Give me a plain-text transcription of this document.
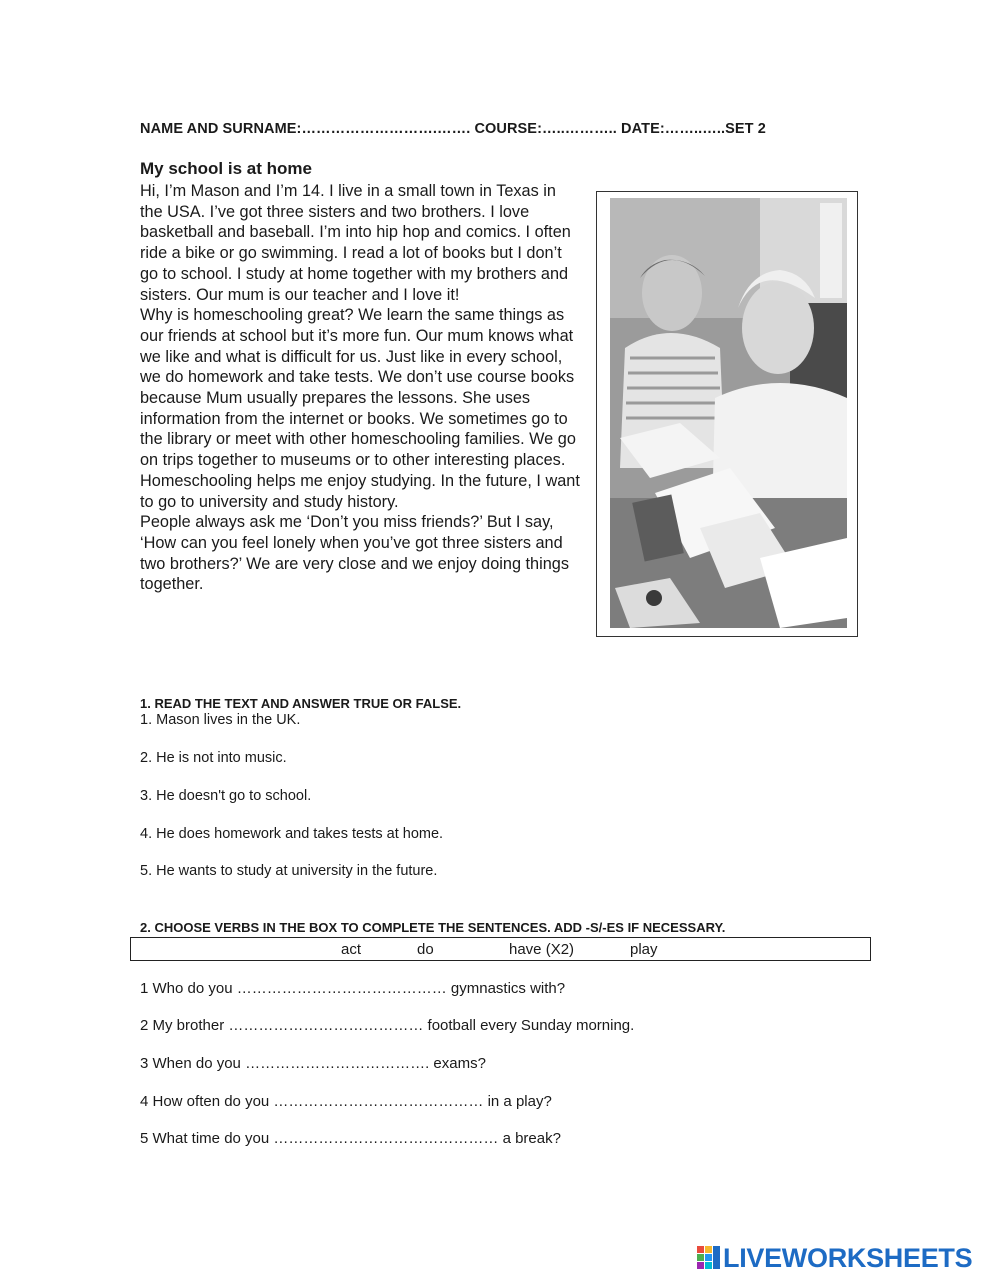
NAME AND SURNAME:……………………….……. COURSE:…..……….. DATE:……..…..SET 2
My school is at home

Hi, I’m Mason and I’m 14. I live in a small town in Texas in the USA. I’ve got three sisters and two brothers. I love basketball and baseball. I’m into hip hop and comics. I often ride a bike or go swimming. I read a lot of books but I don’t go to school. I study at home together with my brothers and sisters. Our mum is our teacher and I love it!

Why is homeschooling great? We learn the same things as our friends at school but it’s more fun. Our mum knows what we like and what is difficult for us. Just like in every school, we do homework and take tests. We don’t use course books because Mum usually prepares the lessons. She uses information from the internet or books. We sometimes go to the library or meet with other homeschooling families. We go on trips together to museums or to other interesting places. Homeschooling helps me enjoy studying. In the future, I want to go to university and study history.

People always ask me ‘Don’t you miss friends?’ But I say, ‘How can you feel lonely when you’ve got three sisters and two brothers?’ We are very close and we enjoy doing things together.

1. READ THE TEXT AND ANSWER TRUE OR FALSE.
1. Mason lives in the UK.
2. He is not into music.
3. He doesn't go to school.
4. He does homework and takes tests at home.
5. He wants to study at university in the future.
2. CHOOSE VERBS IN THE BOX TO COMPLETE THE SENTENCES. ADD -S/-ES IF NECESSARY.
act	do	have (X2)	play
1 Who do you …………………………………… gymnastics with?
2 My brother ………………………………… football every Sunday morning.
3 When do you ………………………………. exams?
4 How often do you …………………………………… in a play?
5 What time do you ……………………………………… a break?
LIVEWORKSHEETS
